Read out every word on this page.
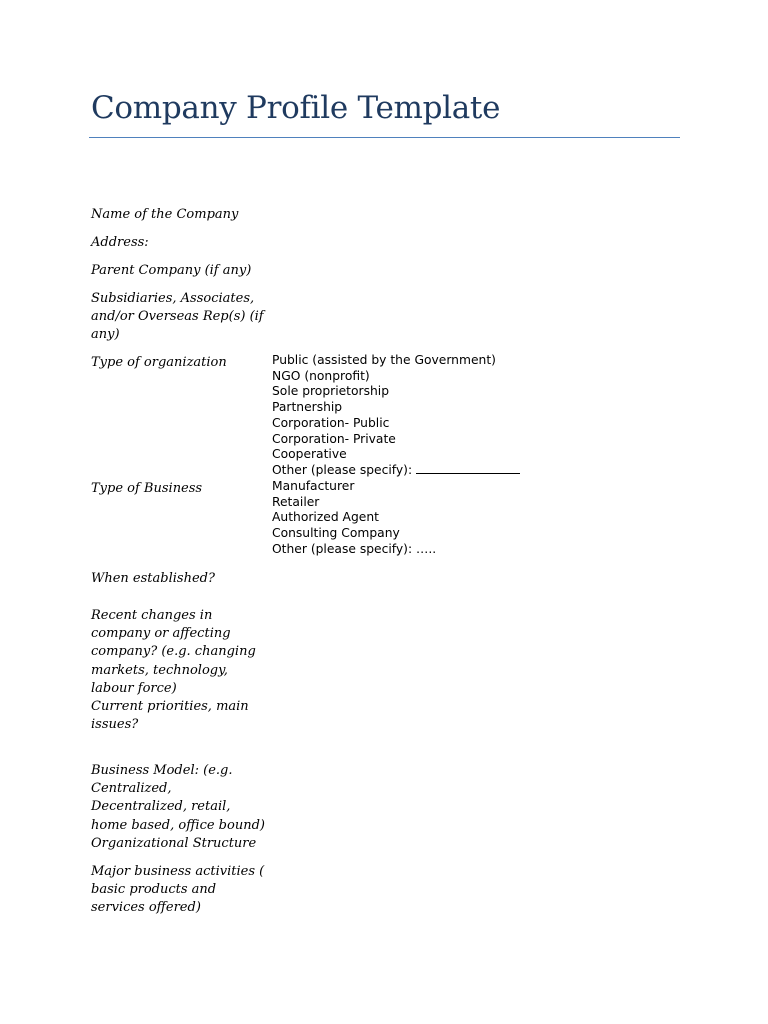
Company Profile Template
Name of the Company
Address:
Parent Company (if any)
Subsidiaries, Associates, and/or Overseas Rep(s) (if any)
Type of organization	Public (assisted by the Government)
NGO (nonprofit)
Sole proprietorship
Partnership
Corporation- Public
Corporation- Private
Cooperative
Other (please specify):
Type of Business	Manufacturer
Retailer
Authorized Agent
Consulting Company
Other (please specify): …..
When established?
Recent changes in company or affecting company? (e.g. changing markets, technology, labour force)
Current priorities, main issues?
Business Model: (e.g. Centralized, Decentralized, retail, home based, office bound)
Organizational Structure
Major business activities ( basic products and services offered)
